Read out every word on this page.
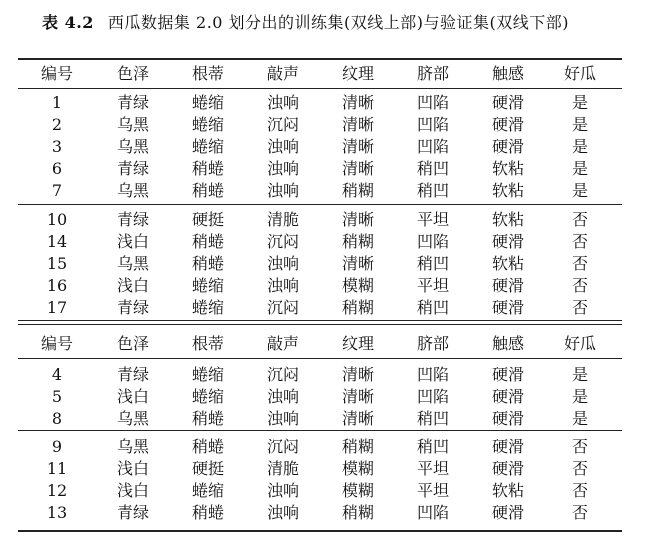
表 4.2 西瓜数据集 2.0 划分出的训练集(双线上部)与验证集(双线下部)
编号	色泽	根蒂	敲声	纹理	脐部	触感 好瓜
1	青绿	蜷缩	浊响	清晰	凹陷	硬滑	是
2	乌黑	蜷缩	沉闷	清晰	凹陷	硬滑	是
3	乌黑	蜷缩	浊响	清晰	凹陷	硬滑	是
6	青绿	稍蜷	浊响	清晰	稍凹	软粘	是
7	乌黑	稍蜷	浊响	稍糊	稍凹	软粘	是
10	青绿	硬挺	清脆	清晰	平坦	软粘	否
14	浅白	稍蜷	沉闷	稍糊	凹陷	硬滑	否
15	乌黑	稍蜷	浊响	清晰	稍凹	软粘	否
16	浅白	蜷缩	浊响	模糊	平坦	硬滑	否
17	青绿	蜷缩	沉闷	稍糊	稍凹	硬滑	否
编号	色泽	根蒂	敲声	纹理	脐部	触感 好瓜
4	青绿	蜷缩	沉闷	清晰	凹陷	硬滑	是
5	浅白	蜷缩	浊响	清晰	凹陷	硬滑	是
8	乌黑	稍蜷	浊响	清晰	稍凹	硬滑	是
9	乌黑	稍蜷	沉闷	稍糊	稍凹	硬滑	否
11	浅白	硬挺	清脆	模糊	平坦	硬滑	否
12	浅白	蜷缩	浊响	模糊	平坦	软粘	否
13	青绿	稍蜷	浊响	稍糊	凹陷	硬滑	否
